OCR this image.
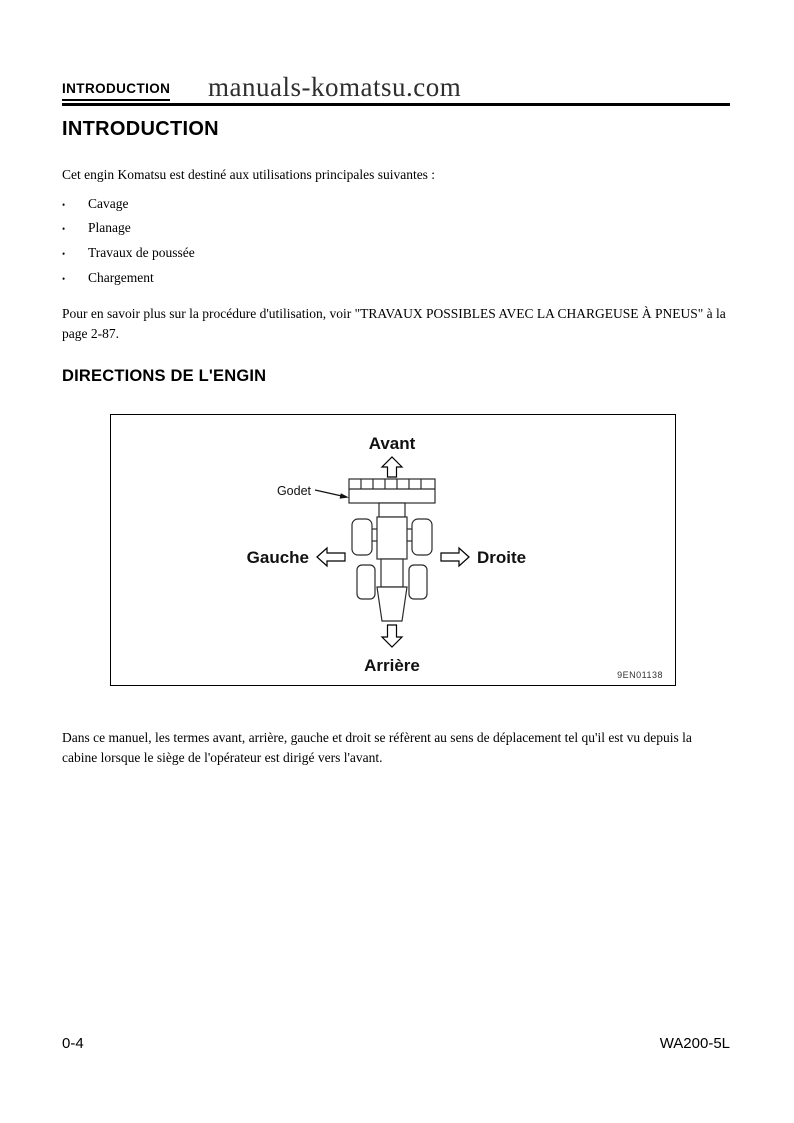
INTRODUCTION manuals-komatsu.com
INTRODUCTION

Cet engin Komatsu est destiné aux utilisations principales suivantes :

•	Cavage
•	Planage
•	Travaux de poussée
•	Chargement

Pour en savoir plus sur la procédure d'utilisation, voir "TRAVAUX POSSIBLES AVEC LA CHARGEUSE À PNEUS" à la page 2-87.

DIRECTIONS DE L'ENGIN
Avant
Godet
Gauche	Droite
Arrière	9EN01138

Dans ce manuel, les termes avant, arrière, gauche et droit se réfèrent au sens de déplacement tel qu'il est vu depuis la cabine lorsque le siège de l'opérateur est dirigé vers l'avant.

0-4	WA200-5L
